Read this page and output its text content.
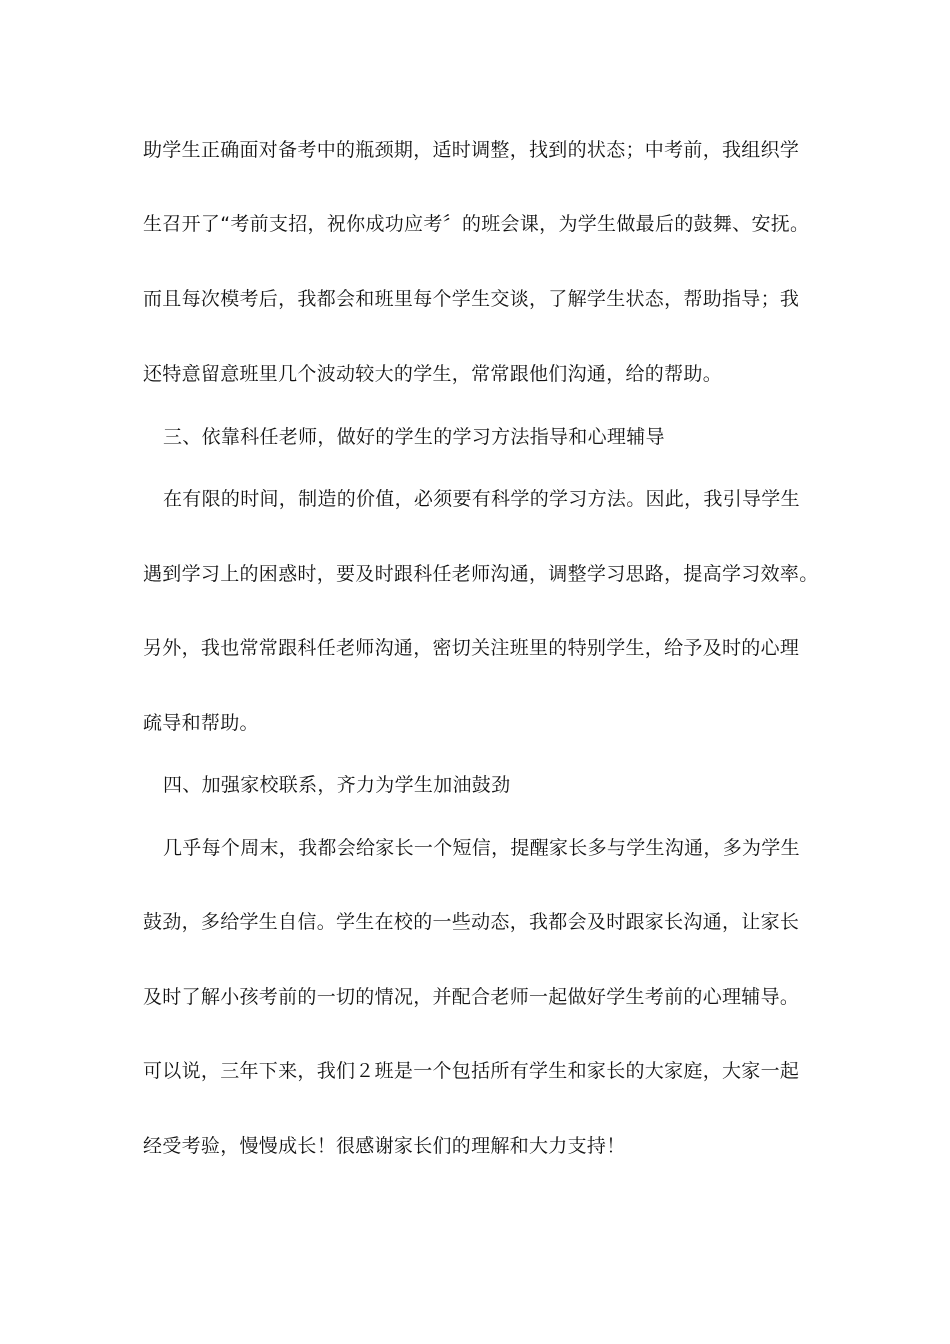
助学生正确面对备考中的瓶颈期，适时调整，找到的状态；中考前，我组织学
生召开了“考前支招，祝你成功应考〞的班会课，为学生做最后的鼓舞、安抚。
而且每次模考后，我都会和班里每个学生交谈，了解学生状态，帮助指导；我
还特意留意班里几个波动较大的学生，常常跟他们沟通，给的帮助。
三、依靠科任老师，做好的学生的学习方法指导和心理辅导
在有限的时间，制造的价值，必须要有科学的学习方法。因此，我引导学生
遇到学习上的困惑时，要及时跟科任老师沟通，调整学习思路，提高学习效率。
另外，我也常常跟科任老师沟通，密切关注班里的特别学生，给予及时的心理
疏导和帮助。
四、加强家校联系，齐力为学生加油鼓劲
几乎每个周末，我都会给家长一个短信，提醒家长多与学生沟通，多为学生
鼓劲，多给学生自信。学生在校的一些动态，我都会及时跟家长沟通，让家长
及时了解小孩考前的一切的情况，并配合老师一起做好学生考前的心理辅导。
可以说，三年下来，我们２班是一个包括所有学生和家长的大家庭，大家一起
经受考验，慢慢成长！很感谢家长们的理解和大力支持！
